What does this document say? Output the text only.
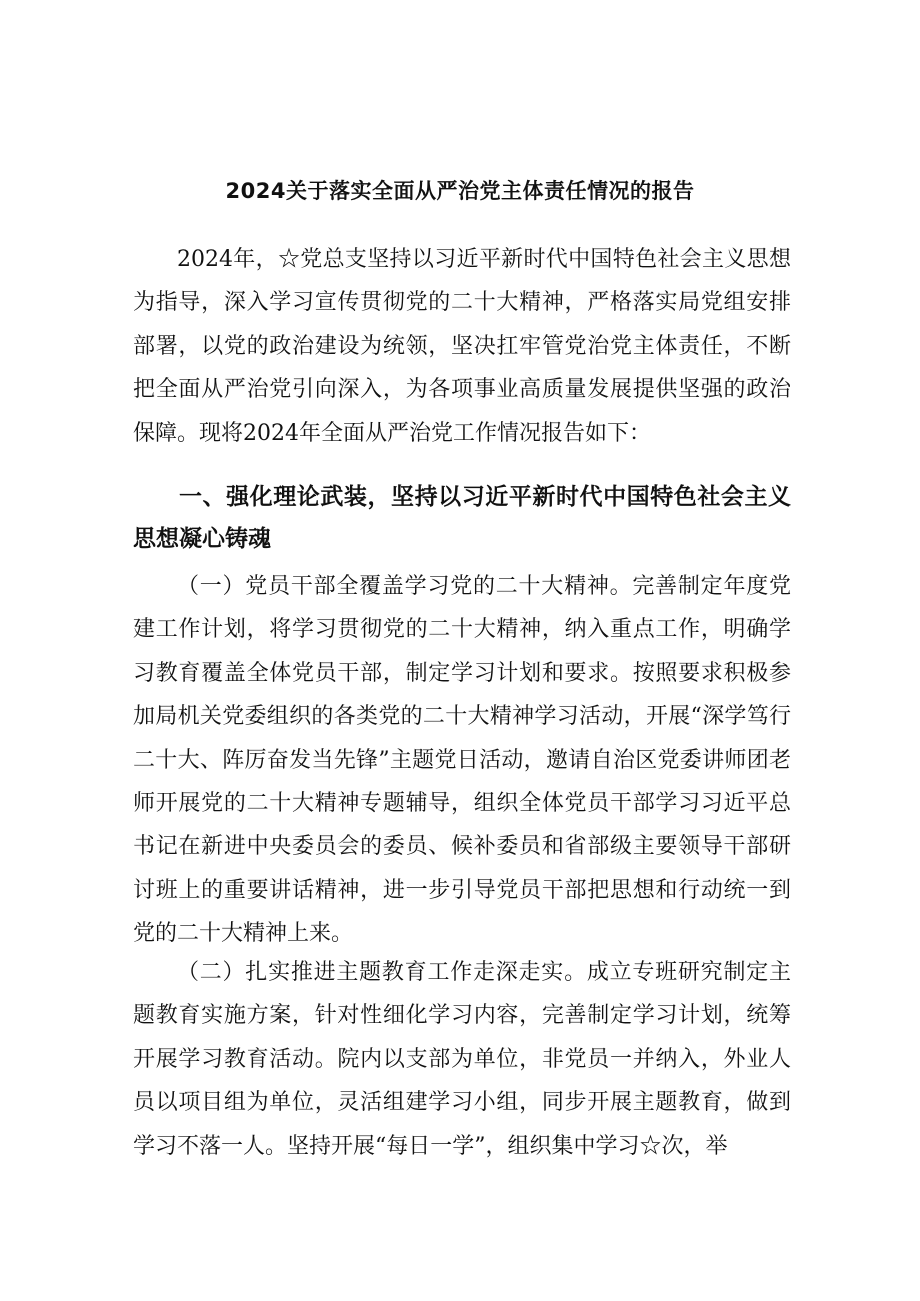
2024关于落实全面从严治党主体责任情况的报告

2024年，☆党总支坚持以习近平新时代中国特色社会主义思想为指导，深入学习宣传贯彻党的二十大精神，严格落实局党组安排部署，以党的政治建设为统领，坚决扛牢管党治党主体责任，不断把全面从严治党引向深入，为各项事业高质量发展提供坚强的政治保障。现将2024年全面从严治党工作情况报告如下：

一、强化理论武装，坚持以习近平新时代中国特色社会主义思想凝心铸魂

（一）党员干部全覆盖学习党的二十大精神。完善制定年度党建工作计划，将学习贯彻党的二十大精神，纳入重点工作，明确学习教育覆盖全体党员干部，制定学习计划和要求。按照要求积极参加局机关党委组织的各类党的二十大精神学习活动，开展“深学笃行二十大、阵厉奋发当先锋”主题党日活动，邀请自治区党委讲师团老师开展党的二十大精神专题辅导，组织全体党员干部学习习近平总书记在新进中央委员会的委员、候补委员和省部级主要领导干部研讨班上的重要讲话精神，进一步引导党员干部把思想和行动统一到党的二十大精神上来。

（二）扎实推进主题教育工作走深走实。成立专班研究制定主题教育实施方案，针对性细化学习内容，完善制定学习计划，统筹开展学习教育活动。院内以支部为单位，非党员一并纳入，外业人员以项目组为单位，灵活组建学习小组，同步开展主题教育，做到学习不落一人。坚持开展“每日一学”，组织集中学习☆次，举
